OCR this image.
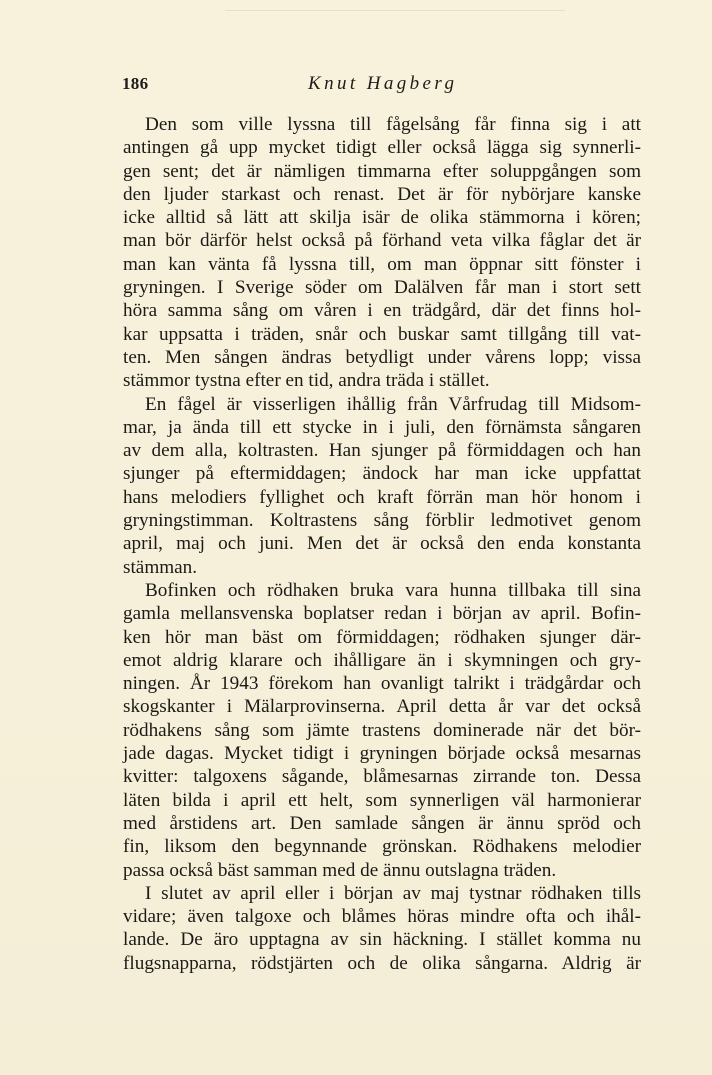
186	Knut Hagberg
Den som ville lyssna till fågelsång får finna sig i att
antingen gå upp mycket tidigt eller också lägga sig synnerli-
gen sent; det är nämligen timmarna efter soluppgången som
den ljuder starkast och renast. Det är för nybörjare kanske
icke alltid så lätt att skilja isär de olika stämmorna i kören;
man bör därför helst också på förhand veta vilka fåglar det är
man kan vänta få lyssna till, om man öppnar sitt fönster i
gryningen. I Sverige söder om Dalälven får man i stort sett
höra samma sång om våren i en trädgård, där det finns hol-
kar uppsatta i träden, snår och buskar samt tillgång till vat-
ten. Men sången ändras betydligt under vårens lopp; vissa
stämmor tystna efter en tid, andra träda i stället.
En fågel är visserligen ihållig från Vårfrudag till Midsom-
mar, ja ända till ett stycke in i juli, den förnämsta sångaren
av dem alla, koltrasten. Han sjunger på förmiddagen och han
sjunger på eftermiddagen; ändock har man icke uppfattat
hans melodiers fyllighet och kraft förrän man hör honom i
gryningstimman. Koltrastens sång förblir ledmotivet genom
april, maj och juni. Men det är också den enda konstanta
stämman.
Bofinken och rödhaken bruka vara hunna tillbaka till sina
gamla mellansvenska boplatser redan i början av april. Bofin-
ken hör man bäst om förmiddagen; rödhaken sjunger där-
emot aldrig klarare och ihålligare än i skymningen och gry-
ningen. År 1943 förekom han ovanligt talrikt i trädgårdar och
skogskanter i Mälarprovinserna. April detta år var det också
rödhakens sång som jämte trastens dominerade när det bör-
jade dagas. Mycket tidigt i gryningen började också mesarnas
kvitter: talgoxens sågande, blåmesarnas zirrande ton. Dessa
läten bilda i april ett helt, som synnerligen väl harmonierar
med årstidens art. Den samlade sången är ännu spröd och
fin, liksom den begynnande grönskan. Rödhakens melodier
passa också bäst samman med de ännu outslagna träden.
I slutet av april eller i början av maj tystnar rödhaken tills
vidare; även talgoxe och blåmes höras mindre ofta och ihål-
lande. De äro upptagna av sin häckning. I stället komma nu
flugsnapparna, rödstjärten och de olika sångarna. Aldrig är
